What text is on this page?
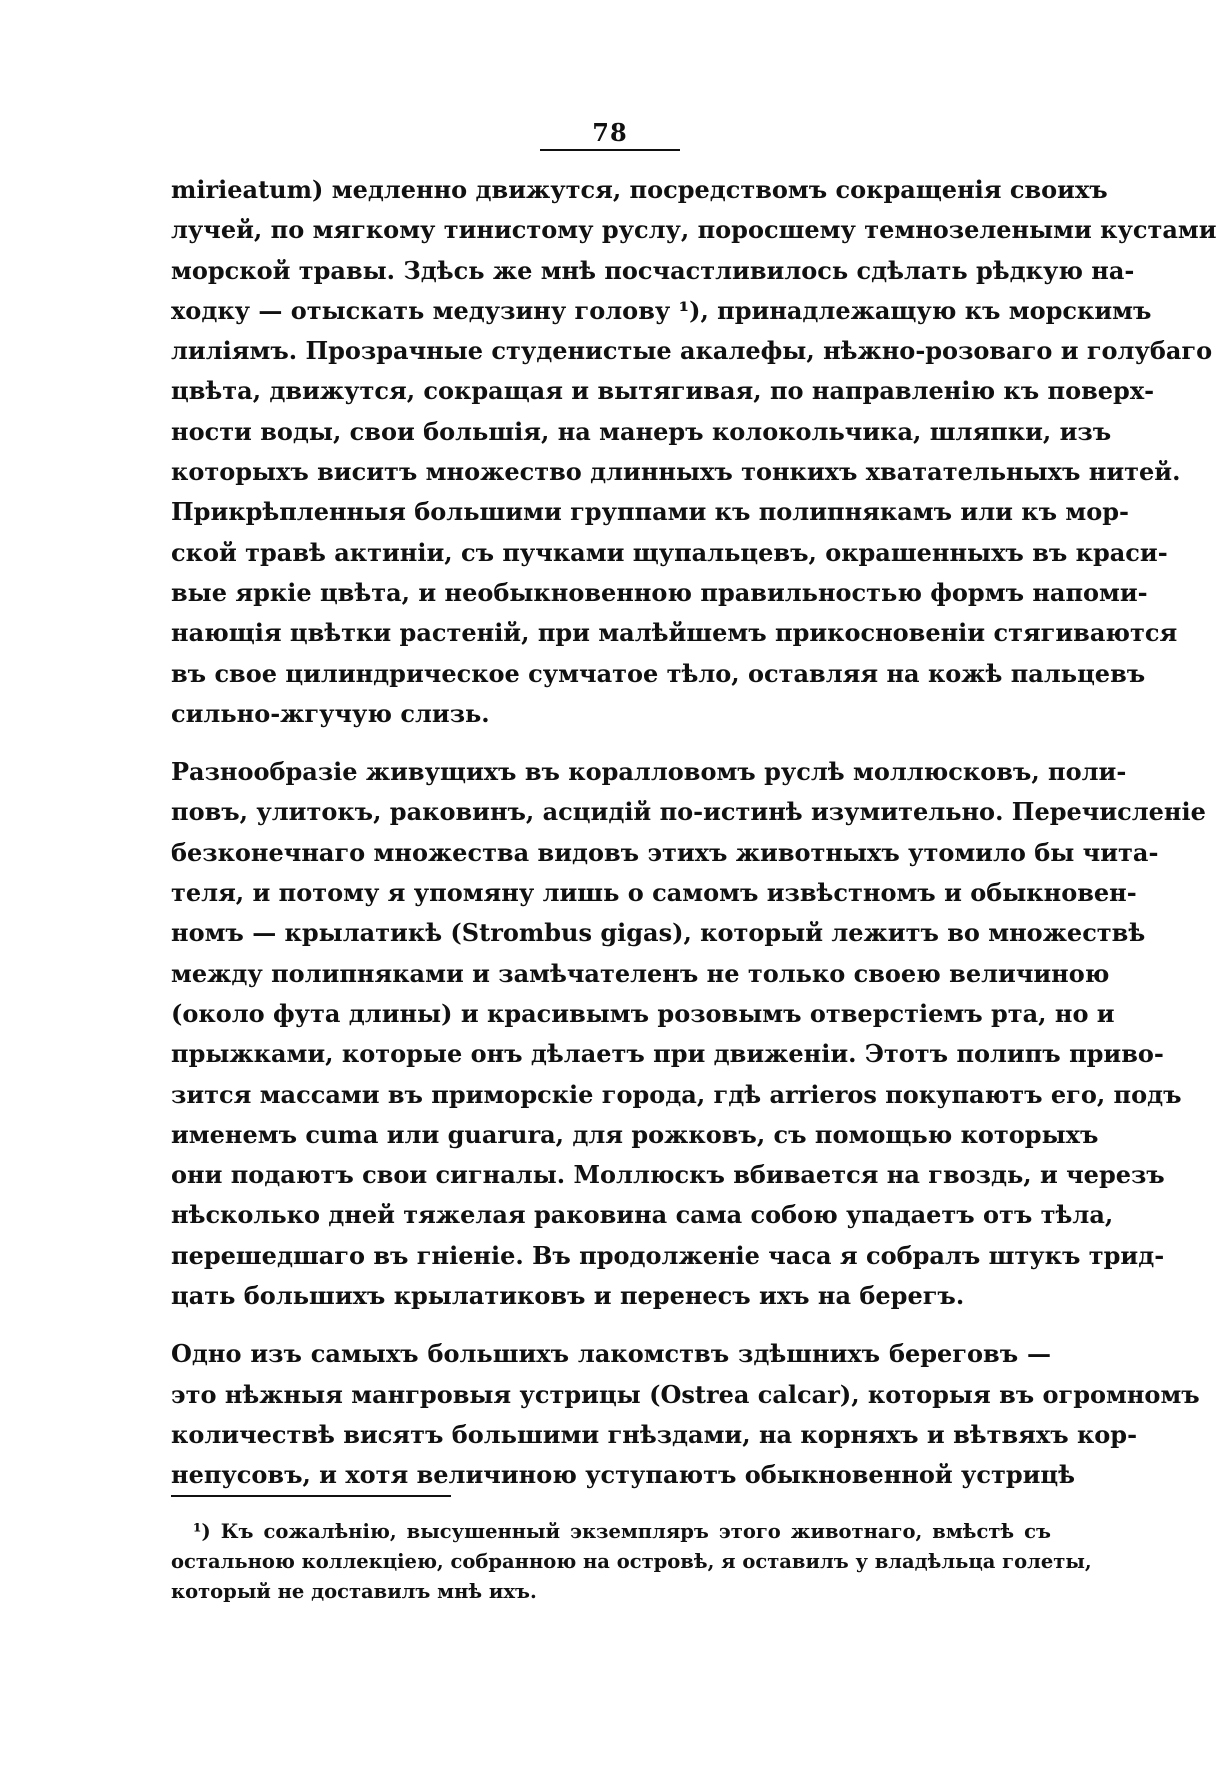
78

mirieatum) медленно движутся, посредствомъ сокращенія своихъ
лучей, по мягкому тинистому руслу, поросшему темнозелеными кустами
морской травы. Здѣсь же мнѣ посчастливилось сдѣлать рѣдкую на-
ходку — отыскать медузину голову ¹), принадлежащую къ морскимъ
лиліямъ. Прозрачные студенистые акалефы, нѣжно-розоваго и голубаго
цвѣта, движутся, сокращая и вытягивая, по направленію къ поверх-
ности воды, свои большія, на манеръ колокольчика, шляпки, изъ
которыхъ виситъ множество длинныхъ тонкихъ хватательныхъ нитей.
Прикрѣпленныя большими группами къ полипнякамъ или къ мор-
ской травѣ актиніи, съ пучками щупальцевъ, окрашенныхъ въ краси-
вые яркіе цвѣта, и необыкновенною правильностью формъ напоми-
нающія цвѣтки растеній, при малѣйшемъ прикосновеніи стягиваются
въ свое цилиндрическое сумчатое тѣло, оставляя на кожѣ пальцевъ
сильно-жгучую слизь.

Разнообразіе живущихъ въ коралловомъ руслѣ моллюсковъ, поли-
повъ, улитокъ, раковинъ, асцидій по-истинѣ изумительно. Перечисленіе
безконечнаго множества видовъ этихъ животныхъ утомило бы чита-
теля, и потому я упомяну лишь о самомъ извѣстномъ и обыкновен-
номъ — крылатикѣ (Strombus gigas), который лежитъ во множествѣ
между полипняками и замѣчателенъ не только своею величиною
(около фута длины) и красивымъ розовымъ отверстіемъ рта, но и
прыжками, которые онъ дѣлаетъ при движеніи. Этотъ полипъ приво-
зится массами въ приморскіе города, гдѣ arrieros покупаютъ его, подъ
именемъ cuma или guarura, для рожковъ, съ помощью которыхъ
они подаютъ свои сигналы. Моллюскъ вбивается на гвоздь, и черезъ
нѣсколько дней тяжелая раковина сама собою упадаетъ отъ тѣла,
перешедшаго въ гніеніе. Въ продолженіе часа я собралъ штукъ трид-
цать большихъ крылатиковъ и перенесъ ихъ на берегъ.

Одно изъ самыхъ большихъ лакомствъ здѣшнихъ береговъ —
это нѣжныя мангровыя устрицы (Ostrea calcar), которыя въ огромномъ
количествѣ висятъ большими гнѣздами, на корняхъ и вѣтвяхъ кор-
непусовъ, и хотя величиною уступаютъ обыкновенной устрицѣ

¹) Къ сожалѣнію, высушенный экземпляръ этого животнаго, вмѣстѣ съ
остальною коллекціею, собранною на островѣ, я оставилъ у владѣльца голеты,
который не доставилъ мнѣ ихъ.
